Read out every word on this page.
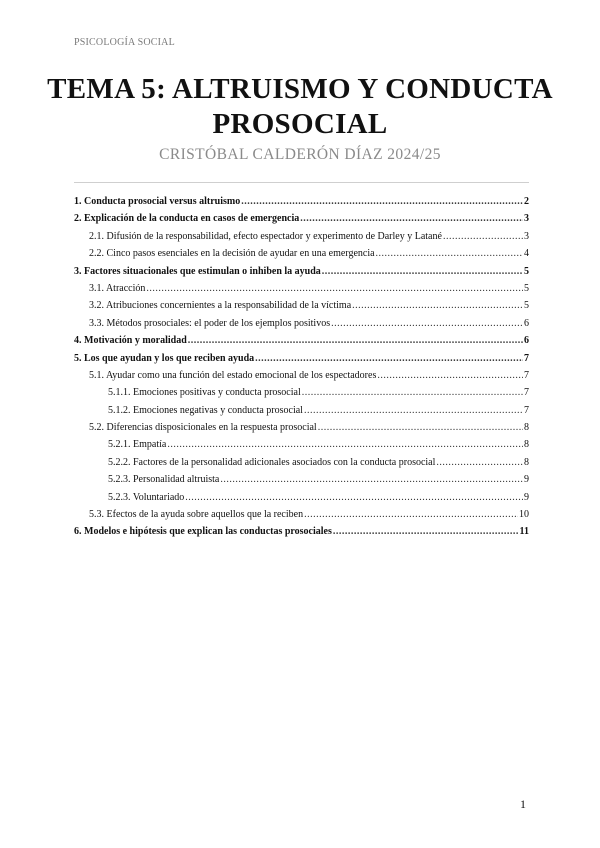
PSICOLOGÍA SOCIAL
TEMA 5: ALTRUISMO Y CONDUCTA
PROSOCIAL
CRISTÓBAL CALDERÓN DÍAZ 2024/25
1. Conducta prosocial versus altruismo .....	2
2. Explicación de la conducta en casos de emergencia .....	3
2.1. Difusión de la responsabilidad, efecto espectador y experimento de Darley y Latané .....	3
2.2. Cinco pasos esenciales en la decisión de ayudar en una emergencia .....	4
3. Factores situacionales que estimulan o inhiben la ayuda .....	5
3.1. Atracción .....	5
3.2. Atribuciones concernientes a la responsabilidad de la víctima .....	5
3.3. Métodos prosociales: el poder de los ejemplos positivos .....	6
4. Motivación y moralidad .....	6
5. Los que ayudan y los que reciben ayuda .....	7
5.1. Ayudar como una función del estado emocional de los espectadores .....	7
5.1.1. Emociones positivas y conducta prosocial .....	7
5.1.2. Emociones negativas y conducta prosocial .....	7
5.2. Diferencias disposicionales en la respuesta prosocial .....	8
5.2.1. Empatía .....	8
5.2.2. Factores de la personalidad adicionales asociados con la conducta prosocial .....	8
5.2.3. Personalidad altruista .....	9
5.2.3. Voluntariado .....	9
5.3. Efectos de la ayuda sobre aquellos que la reciben .....	10
6. Modelos e hipótesis que explican las conductas prosociales .....	11
1
